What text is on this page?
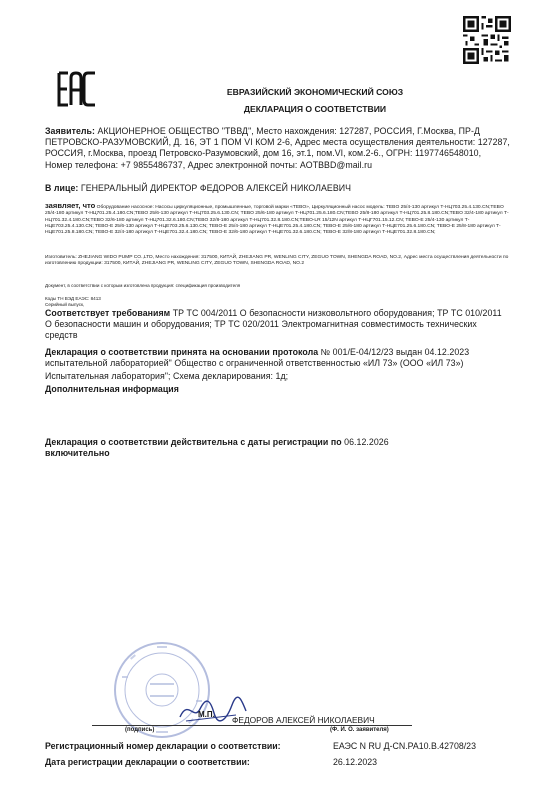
ЕВРАЗИЙСКИЙ ЭКОНОМИЧЕСКИЙ СОЮЗ
ДЕКЛАРАЦИЯ О СООТВЕТСТВИИ
Заявитель: АКЦИОНЕРНОЕ ОБЩЕСТВО "ТВВД", Место нахождения: 127287, РОССИЯ, Г.Москва, ПР-Д ПЕТРОВСКО-РАЗУМОВСКИЙ, Д. 16, ЭТ 1 ПОМ VI КОМ 2-6, Адрес места осуществления деятельности: 127287, РОССИЯ, г.Москва, проезд Петровско-Разумовский, дом 16, эт.1, пом.VI, ком.2-6., ОГРН: 1197746548010, Номер телефона: +7 9855486737, Адрес электронной почты: AOTBBD@mail.ru
В лице: ГЕНЕРАЛЬНЫЙ ДИРЕКТОР ФЕДОРОВ АЛЕКСЕЙ НИКОЛАЕВИЧ
заявляет, что Оборудование насосное: Насосы циркуляционные, промышленные, торговой марки «TEBO», Циркуляционный насос модель: TEBO 25/4-130 артикул Т-НЦ703.25.4.130.CN;TEBO 25/4-180 артикул Т-НЦ701.25.4.180.CN;TEBO 25/6-130 артикул Т-НЦ703.25.6.130.CN; TEBO 25/6-180 артикул Т-НЦ701.25.6.180.CN;TEBO 25/8-180 артикул Т-НЦ701.25.8.180.CN;TEBO 32/4-180 артикул Т-НЦ701.32.4.180.CN;TEBO 32/6-180 артикул Т-НЦ701.32.6.180.CN;TEBO 32/8-180 артикул Т-НЦ701.32.8.180.CN;TEBO-LR 15/12N артикул Т-НЦГ701.15.12.CN; TEBO-E 25/4-130 артикул Т-НЦЕ703.25.4.130.CN; TEBO-E 25/6-130 артикул Т-НЦЕ703.25.6.130.CN; TEBO-E 25/4-180 артикул Т-НЦЕ701.25.4.180.CN; TEBO-E 25/6-180 артикул Т-НЦЕ701.25.6.180.CN; TEBO-E 25/8-180 артикул Т-НЦЕ701.25.8.180.CN; TEBO-E 32/4-180 артикул Т-НЦЕ701.32.4.180.CN; TEBO-E 32/6-180 артикул Т-НЦЕ701.32.6.180.CN; TEBO-E 32/8-180 артикул Т-НЦЕ701.32.8.180.CN;
Изготовитель: ZHEJIANG WIDO PUMP CO.,LTD, Место нахождения: 317500, КИТАЙ, ZHEJIANG PR, WENLING CITY, ZEGUO TOWN, SHENGDA ROAD, NO.2, Адрес места осуществления деятельности по изготовлению продукции: 317500, КИТАЙ, ZHEJIANG PR, WENLING CITY, ZEGUO TOWN, SHENGDA ROAD, NO.2
Документ, в соответствии с которым изготовлена продукция: спецификация производителя
Коды ТН ВЭД ЕАЭС: 8413
Серийный выпуск,
Соответствует требованиям ТР ТС 004/2011 О безопасности низковольтного оборудования; ТР ТС 010/2011 О безопасности машин и оборудования; ТР ТС 020/2011 Электромагнитная совместимость технических средств
Декларация о соответствии принята на основании протокола № 001/E-04/12/23 выдан 04.12.2023 испытательной лабораторией" Общество с ограниченной ответственностью «ИЛ 73» (ООО «ИЛ 73»)
Испытательная лаборатория"; Схема декларирования: 1д;
Дополнительная информация
Декларация о соответствии действительна с даты регистрации по 06.12.2026
включительно
М.П.
(подпись)
ФЕДОРОВ АЛЕКСЕЙ НИКОЛАЕВИЧ
(Ф. И. О. заявителя)
Регистрационный номер декларации о соответствии:	ЕАЭС N RU Д-CN.PA10.B.42708/23
Дата регистрации декларации о соответствии:	26.12.2023
